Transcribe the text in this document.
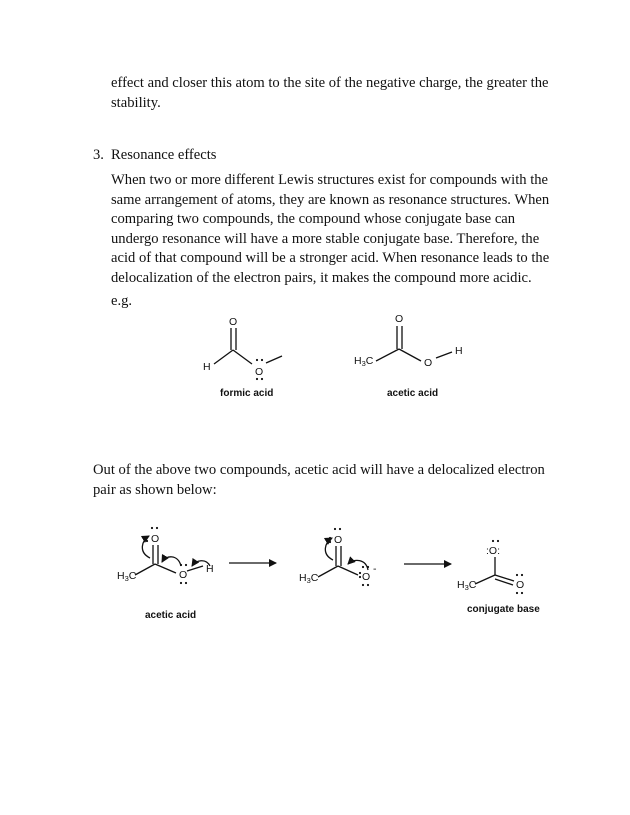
effect and closer this atom to the site of the negative charge, the greater the
stability.
3. Resonance effects
When two or more different Lewis structures exist for compounds with the
same arrangement of atoms, they are known as resonance structures. When
comparing two compounds, the compound whose conjugate base can
undergo resonance will have a more stable conjugate base. Therefore, the
acid of that compound will be a stronger acid. When resonance leads to the
delocalization of the electron pairs, it makes the compound more acidic.
e.g.
Out of the above two compounds, acetic acid will have a delocalized electron
pair as shown below:
O
H	O
formic acid
O
H3C	O
H
acetic acid
O
H3C	O H
acetic acid
O
H3C	O
-
:O:
H3C	O
conjugate base
